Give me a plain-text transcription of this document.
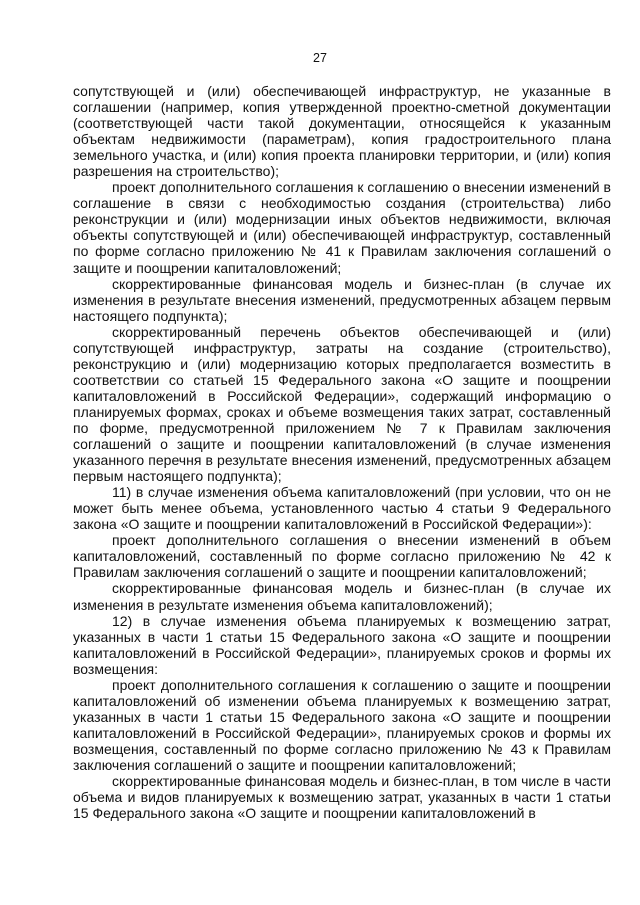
27

сопутствующей и (или) обеспечивающей инфраструктур, не указанные в соглашении (например, копия утвержденной проектно-сметной документации (соответствующей части такой документации, относящейся к указанным объектам недвижимости (параметрам), копия градостроительного плана земельного участка, и (или) копия проекта планировки территории, и (или) копия разрешения на строительство);

проект дополнительного соглашения к соглашению о внесении изменений в соглашение в связи с необходимостью создания (строительства) либо реконструкции и (или) модернизации иных объектов недвижимости, включая объекты сопутствующей и (или) обеспечивающей инфраструктур, составленный по форме согласно приложению № 41 к Правилам заключения соглашений о защите и поощрении капиталовложений;

скорректированные финансовая модель и бизнес-план (в случае их изменения в результате внесения изменений, предусмотренных абзацем первым настоящего подпункта);

скорректированный перечень объектов обеспечивающей и (или) сопутствующей инфраструктур, затраты на создание (строительство), реконструкцию и (или) модернизацию которых предполагается возместить в соответствии со статьей 15 Федерального закона «О защите и поощрении капиталовложений в Российской Федерации», содержащий информацию о планируемых формах, сроках и объеме возмещения таких затрат, составленный по форме, предусмотренной приложением № 7 к Правилам заключения соглашений о защите и поощрении капиталовложений (в случае изменения указанного перечня в результате внесения изменений, предусмотренных абзацем первым настоящего подпункта);

11) в случае изменения объема капиталовложений (при условии, что он не может быть менее объема, установленного частью 4 статьи 9 Федерального закона «О защите и поощрении капиталовложений в Российской Федерации»):

проект дополнительного соглашения о внесении изменений в объем капиталовложений, составленный по форме согласно приложению № 42 к Правилам заключения соглашений о защите и поощрении капиталовложений;

скорректированные финансовая модель и бизнес-план (в случае их изменения в результате изменения объема капиталовложений);

12) в случае изменения объема планируемых к возмещению затрат, указанных в части 1 статьи 15 Федерального закона «О защите и поощрении капиталовложений в Российской Федерации», планируемых сроков и формы их возмещения:

проект дополнительного соглашения к соглашению о защите и поощрении капиталовложений об изменении объема планируемых к возмещению затрат, указанных в части 1 статьи 15 Федерального закона «О защите и поощрении капиталовложений в Российской Федерации», планируемых сроков и формы их возмещения, составленный по форме согласно приложению № 43 к Правилам заключения соглашений о защите и поощрении капиталовложений;

скорректированные финансовая модель и бизнес-план, в том числе в части объема и видов планируемых к возмещению затрат, указанных в части 1 статьи 15 Федерального закона «О защите и поощрении капиталовложений в
